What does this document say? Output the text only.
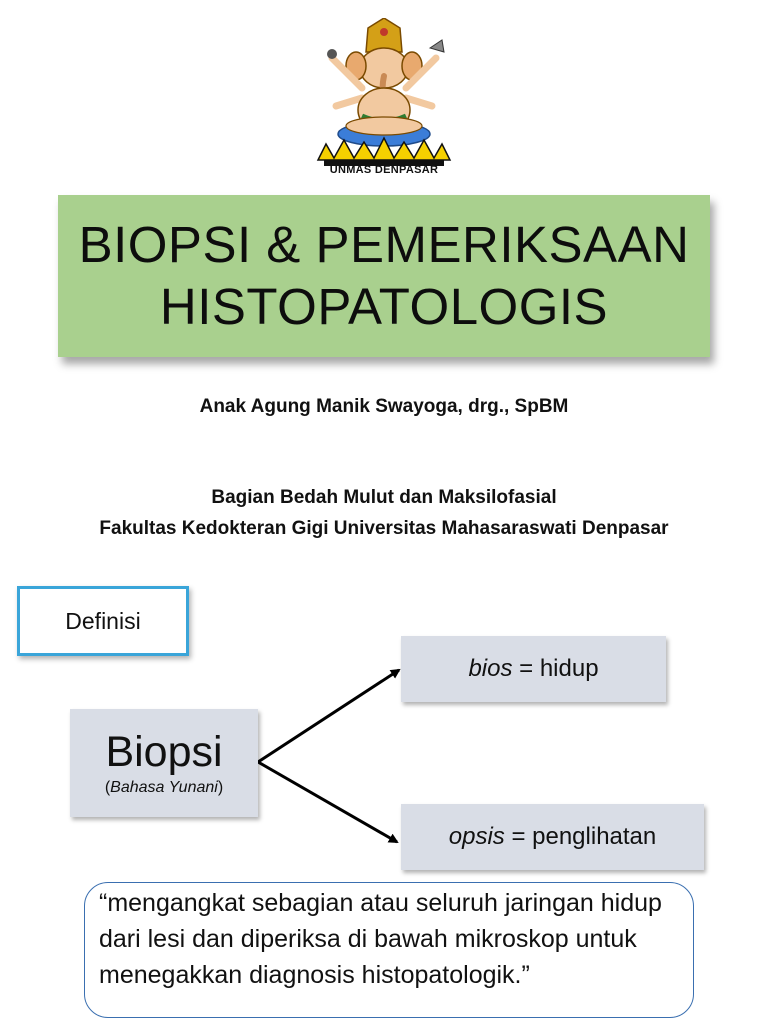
UNMAS DENPASAR
BIOPSI & PEMERIKSAAN
HISTOPATOLOGIS
Anak Agung Manik Swayoga, drg., SpBM
Bagian Bedah Mulut dan Maksilofasial
Fakultas Kedokteran Gigi Universitas Mahasaraswati Denpasar
Definisi
Biopsi
(Bahasa Yunani)
bios
= hidup
opsis
= penglihatan
“mengangkat sebagian atau seluruh jaringan hidup dari lesi dan diperiksa di bawah mikroskop untuk menegakkan diagnosis histopatologik.”
